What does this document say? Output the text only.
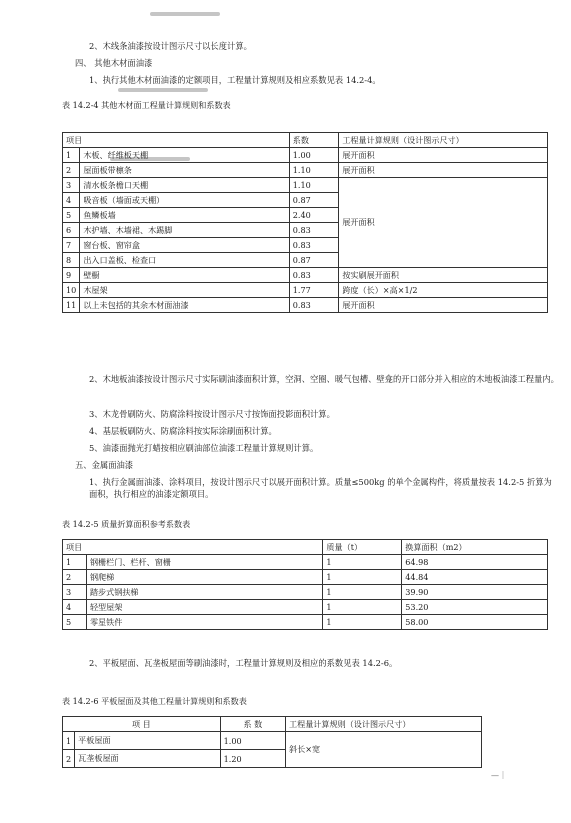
2、木线条油漆按设计图示尺寸以长度计算。
四、 其他木材面油漆
1、执行其他木材面油漆的定额项目，工程量计算规则及相应系数见表 14.2-4。
表 14.2-4 其他木材面工程量计算规则和系数表
项目		系数	工程量计算规则（设计图示尺寸）
1	木板、纤维板天棚	1.00	展开面积
2	屋面板带檩条	1.10	展开面积
3	清水板条檐口天棚	1.10	展开面积
4	吸音板（墙面或天棚）	0.87	
5	鱼鳞板墙	2.40	
6	木护墙、木墙裙、木踢脚	0.83	
7	窗台板、窗帘盒	0.83	
8	出入口盖板、检查口	0.87	
9	壁橱	0.83	按实刷展开面积
10	木屋架	1.77	跨度（长）×高×1/2
11	以上未包括的其余木材面油漆	0.83	展开面积
2、木地板油漆按设计图示尺寸实际刷油漆面积计算，空洞、空圈、暖气包槽、壁龛的开口部分并入相应的木地板油漆工程量内。
3、木龙骨刷防火、防腐涂料按设计图示尺寸按饰面投影面积计算。
4、基层板刷防火、防腐涂料按实际涂刷面积计算。
5、油漆面抛光打蜡按相应刷油部位油漆工程量计算规则计算。
五、金属面油漆
1、执行金属面油漆、涂料项目，按设计图示尺寸以展开面积计算。质量≤500kg 的单个金属构件，将质量按表 14.2-5 折算为面积，执行相应的油漆定额项目。
表 14.2-5 质量折算面积参考系数表
项目		质量（t）	换算面积（m2）
1	钢栅栏门、栏杆、窗栅	1	64.98
2	钢爬梯	1	44.84
3	踏步式钢扶梯	1	39.90
4	轻型屋架	1	53.20
5	零星铁件	1	58.00
2、平板屋面、瓦垄板屋面等刷油漆时，工程量计算规则及相应的系数见表 14.2-6。
表 14.2-6 平板屋面及其他工程量计算规则和系数表
项 目		系 数	工程量计算规则（设计图示尺寸）
1	平板屋面	1.00	斜长×宽
2	瓦垄板屋面	1.20	
—｜
